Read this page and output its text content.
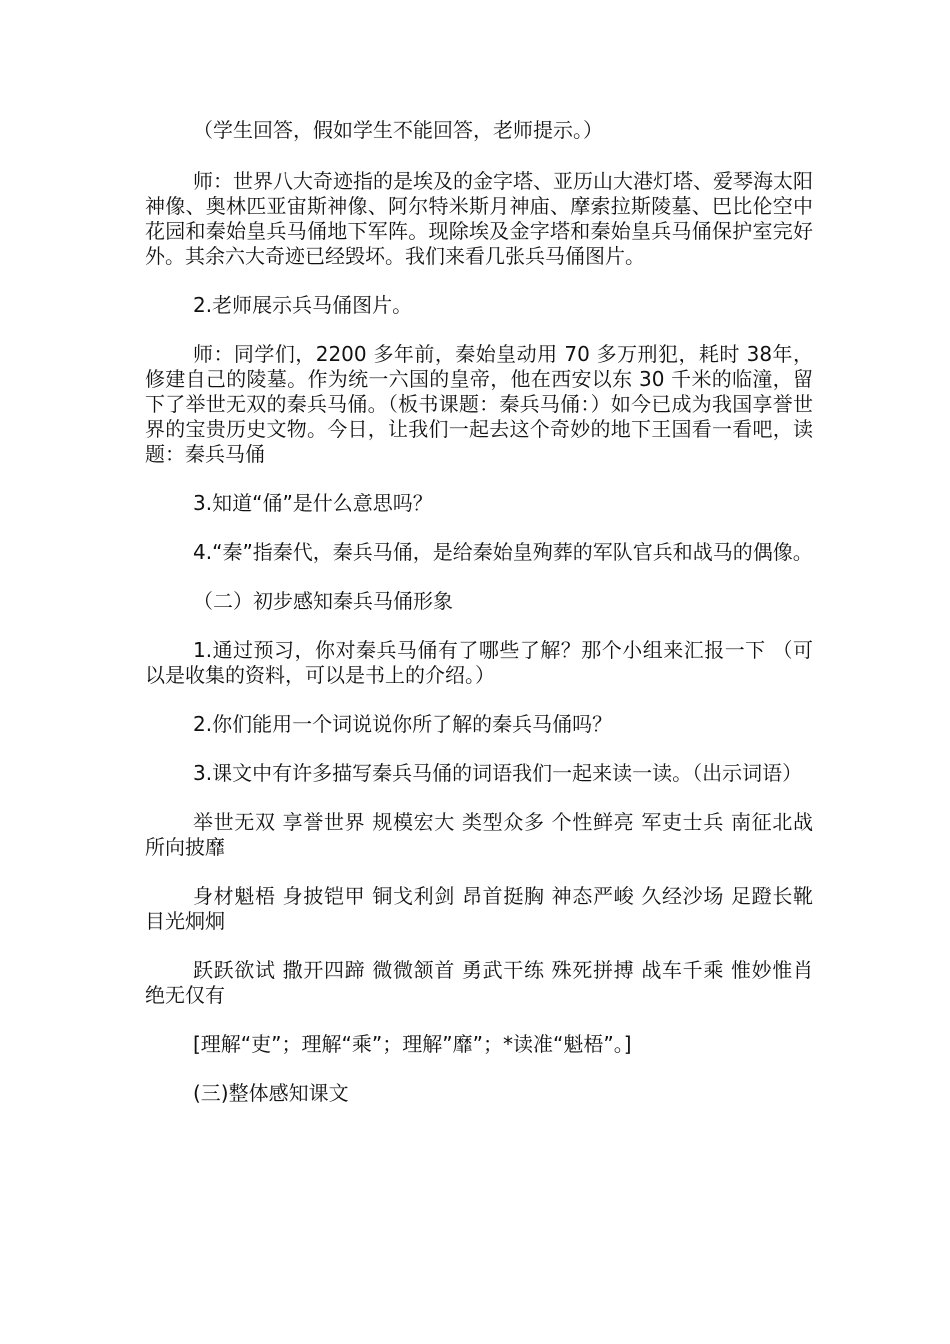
（学生回答，假如学生不能回答，老师提示。）

师：世界八大奇迹指的是埃及的金字塔、亚历山大港灯塔、爱琴海太阳神像、奥林匹亚宙斯神像、阿尔特米斯月神庙、摩索拉斯陵墓、巴比伦空中花园和秦始皇兵马俑地下军阵。现除埃及金字塔和秦始皇兵马俑保护室完好外。其余六大奇迹已经毁坏。我们来看几张兵马俑图片。

2.老师展示兵马俑图片。

师：同学们，2200 多年前，秦始皇动用 70 多万刑犯，耗时 38年，修建自己的陵墓。作为统一六国的皇帝，他在西安以东 30 千米的临潼，留下了举世无双的秦兵马俑。（板书课题：秦兵马俑：）如今已成为我国享誉世界的宝贵历史文物。今日，让我们一起去这个奇妙的地下王国看一看吧，读题：秦兵马俑

3.知道“俑”是什么意思吗？

4.“秦”指秦代，秦兵马俑，是给秦始皇殉葬的军队官兵和战马的偶像。

（二）初步感知秦兵马俑形象

1.通过预习，你对秦兵马俑有了哪些了解？那个小组来汇报一下 （可以是收集的资料，可以是书上的介绍。）

2.你们能用一个词说说你所了解的秦兵马俑吗？

3.课文中有许多描写秦兵马俑的词语我们一起来读一读。（出示词语）

举世无双 享誉世界 规模宏大 类型众多 个性鲜亮 军吏士兵 南征北战 所向披靡

身材魁梧 身披铠甲 铜戈利剑 昂首挺胸 神态严峻 久经沙场 足蹬长靴 目光炯炯

跃跃欲试 撒开四蹄 微微颔首 勇武干练 殊死拼搏 战车千乘 惟妙惟肖 绝无仅有

[理解“吏”；理解“乘”；理解”靡”；*读准“魁梧”。]

(三)整体感知课文
